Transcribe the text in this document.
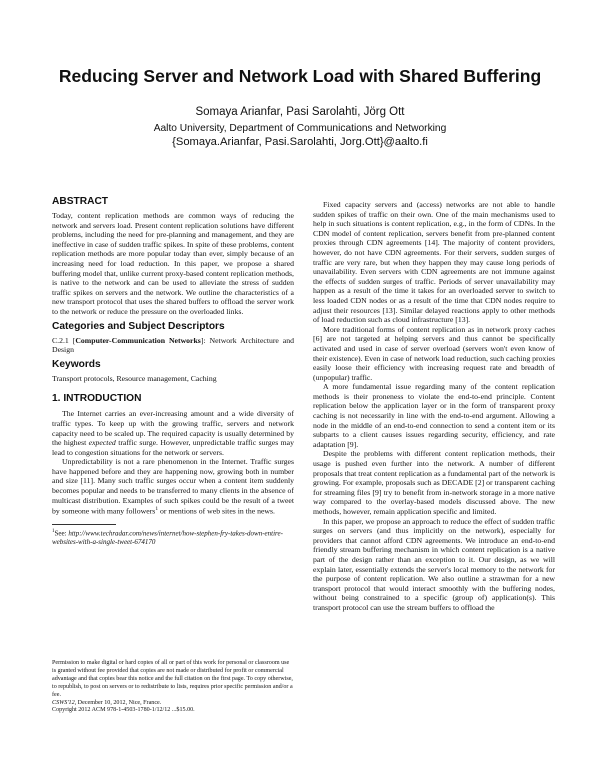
Reducing Server and Network Load with Shared Buffering
Somaya Arianfar, Pasi Sarolahti, Jörg Ott
Aalto University, Department of Communications and Networking
{Somaya.Arianfar, Pasi.Sarolahti, Jorg.Ott}@aalto.fi
ABSTRACT

Today, content replication methods are common ways of reducing the network and servers load. Present content replication solutions have different problems, including the need for pre-planning and management, and they are ineffective in case of sudden traffic spikes. In spite of these problems, content replication methods are more popular today than ever, simply because of an increasing need for load reduction. In this paper, we propose a shared buffering model that, unlike current proxy-based content replication methods, is native to the network and can be used to alleviate the stress of sudden traffic spikes on servers and the network. We outline the characteristics of a new transport protocol that uses the shared buffers to offload the server work to the network or reduce the pressure on the overloaded links.

Categories and Subject Descriptors

C.2.1 [Computer-Communication Networks]: Network Architecture and Design

Keywords

Transport protocols, Resource management, Caching

1. INTRODUCTION

The Internet carries an ever-increasing amount and a wide diversity of traffic types. To keep up with the growing traffic, servers and network capacity need to be scaled up. The required capacity is usually determined by the highest expected traffic surge. However, unpredictable traffic surges may lead to congestion situations for the network or servers.

Unpredictability is not a rare phenomenon in the Internet. Traffic surges have happened before and they are happening now, growing both in number and size [11]. Many such traffic surges occur when a content item suddenly becomes popular and needs to be transferred to many clients in the absence of multicast distribution. Examples of such spikes could be the result of a tweet by someone with many followers$^1$ or mentions of web sites in the news.

$^1$See: http://www.techradar.com/news/internet/how-stephen-fry-takes-down-entire-websites-with-a-single-tweet-674170
Permission to make digital or hard copies of all or part of this work for personal or classroom use is granted without fee provided that copies are not made or distributed for profit or commercial advantage and that copies bear this notice and the full citation on the first page. To copy otherwise, to republish, to post on servers or to redistribute to lists, requires prior specific permission and/or a fee.
CSWS'12, December 10, 2012, Nice, France.
Copyright 2012 ACM 978-1-4503-1780-1/12/12 ...$15.00.

Fixed capacity servers and (access) networks are not able to handle sudden spikes of traffic on their own. One of the main mechanisms used to help in such situations is content replication, e.g., in the form of CDNs. In the CDN model of content replication, servers benefit from pre-planned content proxies through CDN agreements [14]. The majority of content providers, however, do not have CDN agreements. For their servers, sudden surges of traffic are very rare, but when they happen they may cause long periods of unavailability. Even servers with CDN agreements are not immune against the effects of sudden surges of traffic. Periods of server unavailability may happen as a result of the time it takes for an overloaded server to switch to less loaded CDN nodes or as a result of the time that CDN nodes require to adjust their resources [13]. Similar delayed reactions apply to other methods of load reduction such as cloud infrastructure [13].

More traditional forms of content replication as in network proxy caches [6] are not targeted at helping servers and thus cannot be specifically activated and used in case of server overload (servers won't even know of their existence). Even in case of network load reduction, such caching proxies easily loose their efficiency with increasing request rate and breadth of (unpopular) traffic.

A more fundamental issue regarding many of the content replication methods is their proneness to violate the end-to-end principle. Content replication below the application layer or in the form of transparent proxy caching is not necessarily in line with the end-to-end argument. Allowing a node in the middle of an end-to-end connection to send a content item or its subparts to a client causes issues regarding security, efficiency, and rate adaptation [9].

Despite the problems with different content replication methods, their usage is pushed even further into the network. A number of different proposals that treat content replication as a fundamental part of the network is growing. For example, proposals such as DECADE [2] or transparent caching for streaming files [9] try to benefit from in-network storage in a more native way compared to the overlay-based models discussed above. The new methods, however, remain application specific and limited.

In this paper, we propose an approach to reduce the effect of sudden traffic surges on servers (and thus implicitly on the network), especially for providers that cannot afford CDN agreements. We introduce an end-to-end friendly stream buffering mechanism in which content replication is a native part of the design rather than an exception to it. Our design, as we will explain later, essentially extends the server's local memory to the network for the purpose of content replication. We also outline a strawman for a new transport protocol that would interact smoothly with the buffering nodes, without being constrained to a specific (group of) application(s). This transport protocol can use the stream buffers to offload the
